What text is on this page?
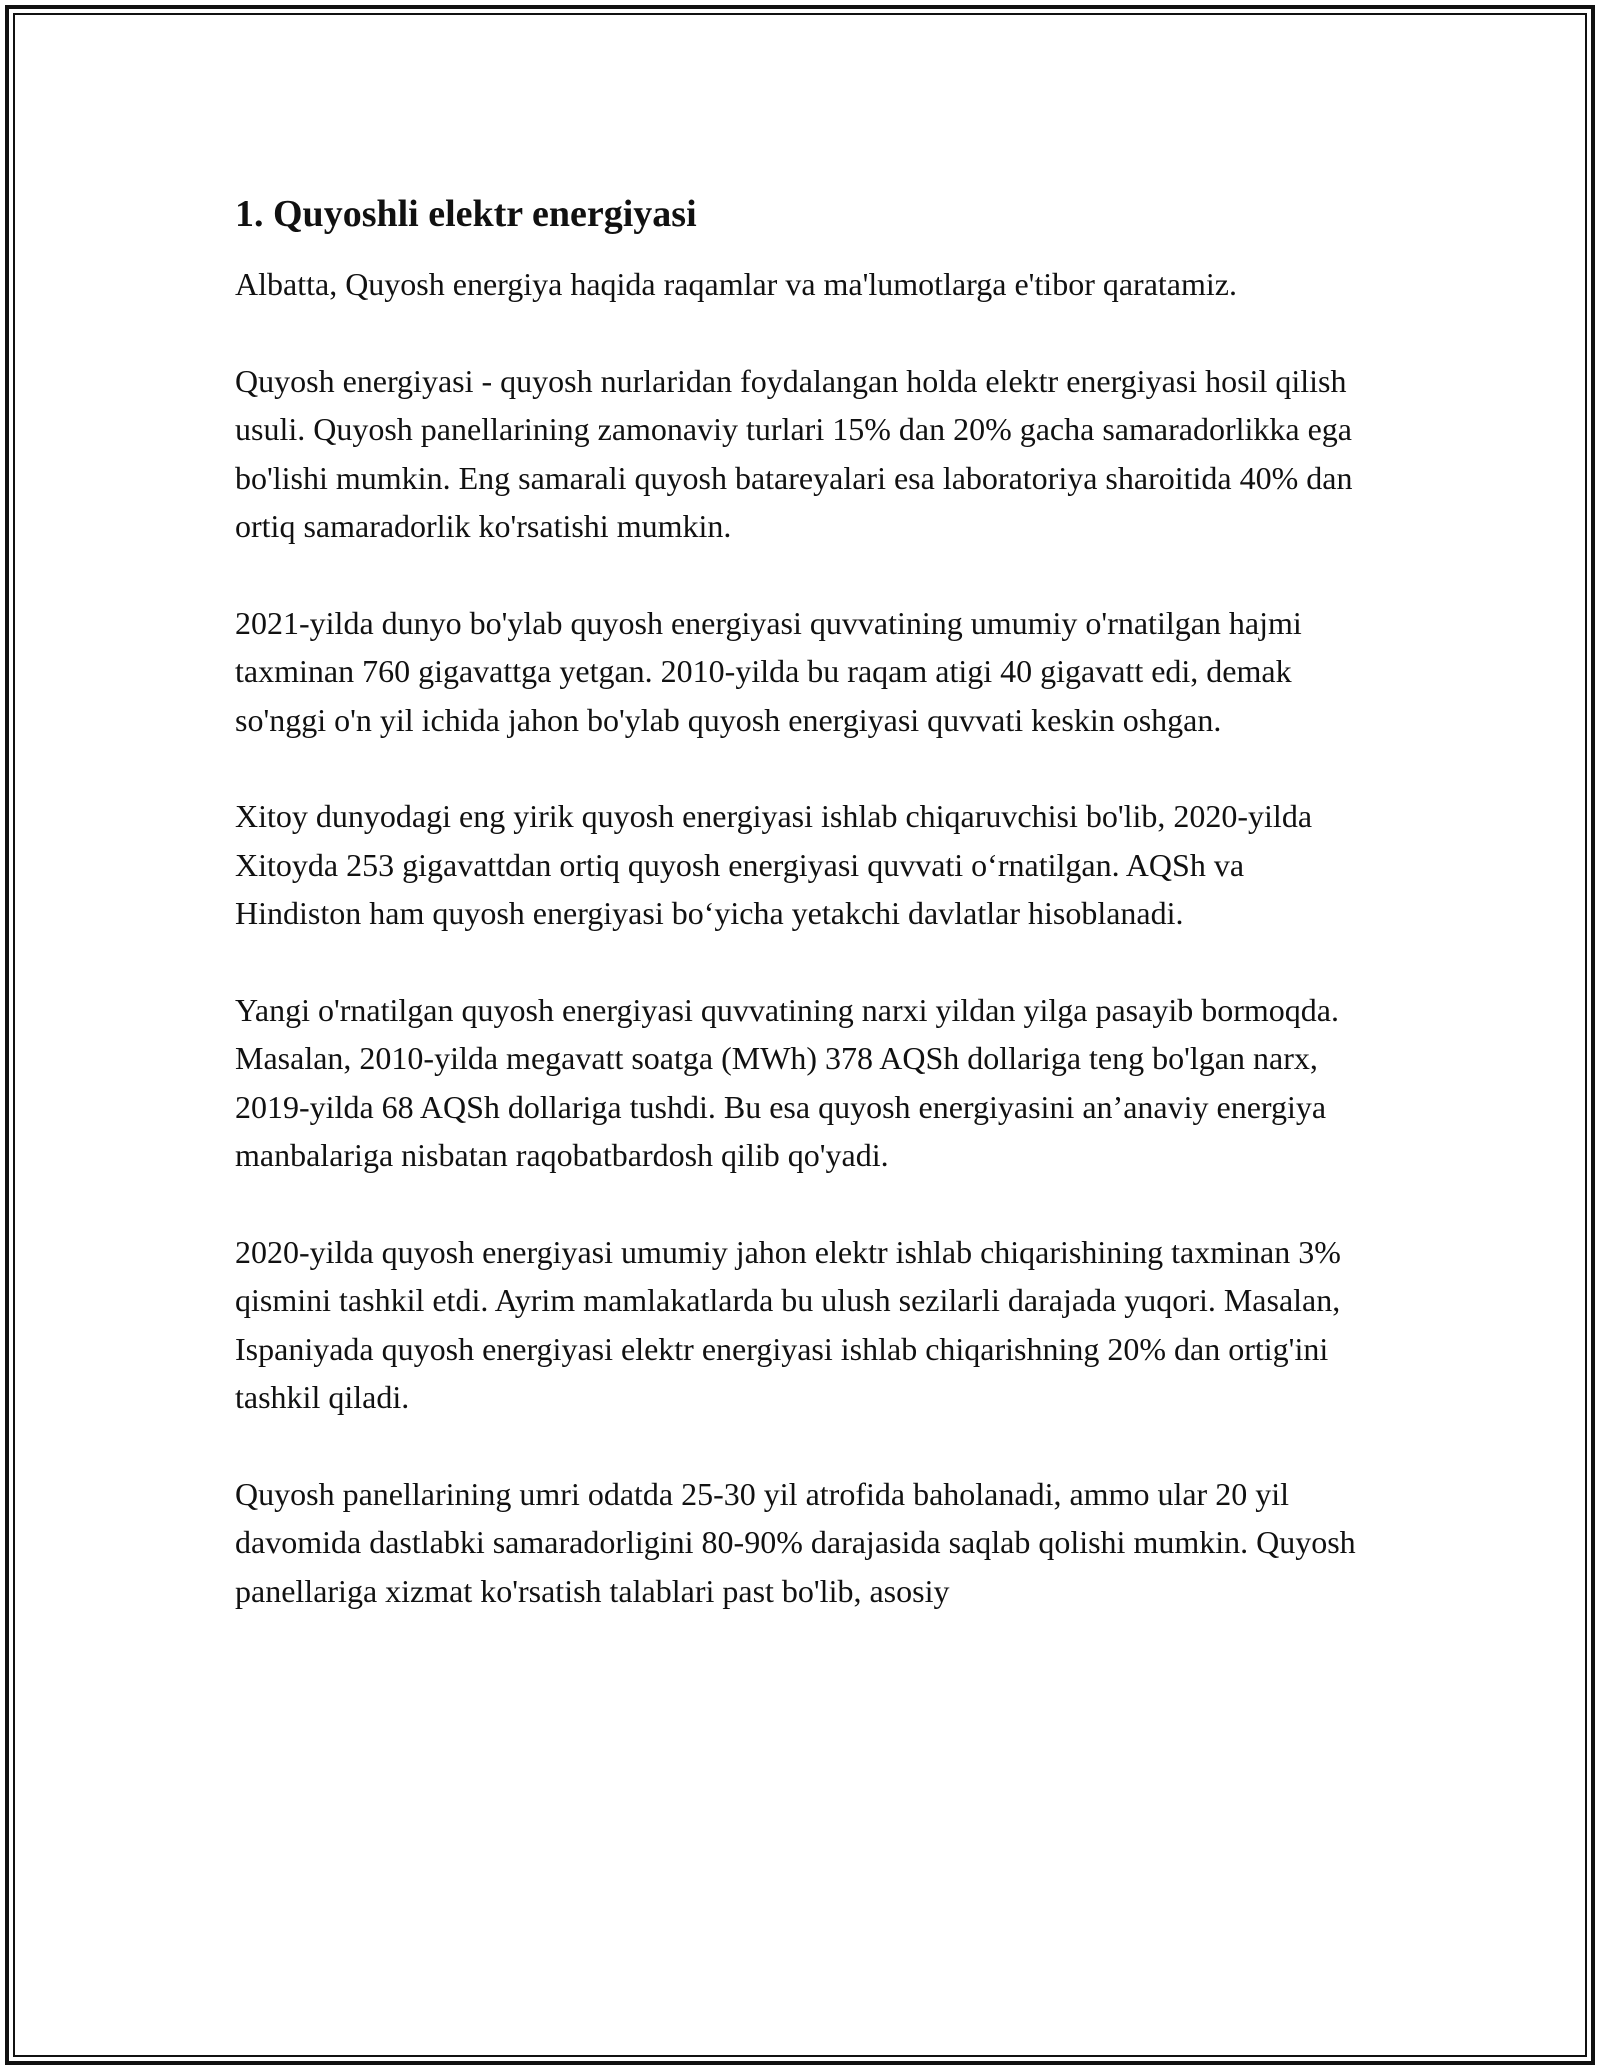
1. Quyoshli elektr energiyasi

Albatta, Quyosh energiya haqida raqamlar va ma'lumotlarga e'tibor qaratamiz.

Quyosh energiyasi - quyosh nurlaridan foydalangan holda elektr energiyasi hosil qilish usuli. Quyosh panellarining zamonaviy turlari 15% dan 20% gacha samaradorlikka ega bo'lishi mumkin. Eng samarali quyosh batareyalari esa laboratoriya sharoitida 40% dan ortiq samaradorlik ko'rsatishi mumkin.

2021-yilda dunyo bo'ylab quyosh energiyasi quvvatining umumiy o'rnatilgan hajmi taxminan 760 gigavattga yetgan. 2010-yilda bu raqam atigi 40 gigavatt edi, demak so'nggi o'n yil ichida jahon bo'ylab quyosh energiyasi quvvati keskin oshgan.

Xitoy dunyodagi eng yirik quyosh energiyasi ishlab chiqaruvchisi bo'lib, 2020-yilda Xitoyda 253 gigavattdan ortiq quyosh energiyasi quvvati o‘rnatilgan. AQSh va Hindiston ham quyosh energiyasi bo‘yicha yetakchi davlatlar hisoblanadi.

Yangi o'rnatilgan quyosh energiyasi quvvatining narxi yildan yilga pasayib bormoqda. Masalan, 2010-yilda megavatt soatga (MWh) 378 AQSh dollariga teng bo'lgan narx, 2019-yilda 68 AQSh dollariga tushdi. Bu esa quyosh energiyasini an’anaviy energiya manbalariga nisbatan raqobatbardosh qilib qo'yadi.

2020-yilda quyosh energiyasi umumiy jahon elektr ishlab chiqarishining taxminan 3% qismini tashkil etdi. Ayrim mamlakatlarda bu ulush sezilarli darajada yuqori. Masalan, Ispaniyada quyosh energiyasi elektr energiyasi ishlab chiqarishning 20% dan ortig'ini tashkil qiladi.

Quyosh panellarining umri odatda 25-30 yil atrofida baholanadi, ammo ular 20 yil davomida dastlabki samaradorligini 80-90% darajasida saqlab qolishi mumkin. Quyosh panellariga xizmat ko'rsatish talablari past bo'lib, asosiy
